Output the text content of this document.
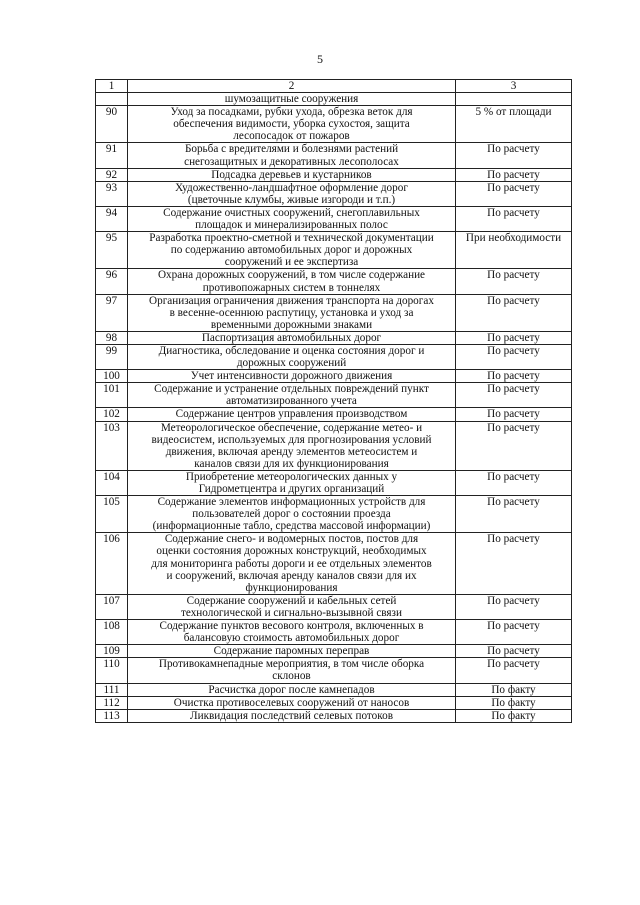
5
1	2	3
	шумозащитные сооружения	
90	Уход за посадками, рубки ухода, обрезка веток для
обеспечения видимости, уборка сухостоя, защита
лесопосадок от пожаров	5 % от площади
91	Борьба с вредителями и болезнями растений
снегозащитных и декоративных лесополосах	По расчету
92	Подсадка деревьев и кустарников	По расчету
93	Художественно-ландшафтное оформление дорог
(цветочные клумбы, живые изгороди и т.п.)	По расчету
94	Содержание очистных сооружений, снегоплавильных
площадок и минерализированных полос	По расчету
95	Разработка проектно-сметной и технической документации
по содержанию автомобильных дорог и дорожных
сооружений и ее экспертиза	При необходимости
96	Охрана дорожных сооружений, в том числе содержание
противопожарных систем в тоннелях	По расчету
97	Организация ограничения движения транспорта на дорогах
в весенне-осеннюю распутицу, установка и уход за
временными дорожными знаками	По расчету
98	Паспортизация автомобильных дорог	По расчету
99	Диагностика, обследование и оценка состояния дорог и
дорожных сооружений	По расчету
100	Учет интенсивности дорожного движения	По расчету
101	Содержание и устранение отдельных повреждений пункт
автоматизированного учета	По расчету
102	Содержание центров управления производством	По расчету
103	Метеорологическое обеспечение, содержание метео- и
видеосистем, используемых для прогнозирования условий
движения, включая аренду элементов метеосистем и
каналов связи для их функционирования	По расчету
104	Приобретение метеорологических данных у
Гидрометцентра и других организаций	По расчету
105	Содержание элементов информационных устройств для
пользователей дорог о состоянии проезда
(информационные табло, средства массовой информации)	По расчету
106	Содержание снего- и водомерных постов, постов для
оценки состояния дорожных конструкций, необходимых
для мониторинга работы дороги и ее отдельных элементов
и сооружений, включая аренду каналов связи для их
функционирования	По расчету
107	Содержание сооружений и кабельных сетей
технологической и сигнально-вызывной связи	По расчету
108	Содержание пунктов весового контроля, включенных в
балансовую стоимость автомобильных дорог	По расчету
109	Содержание паромных переправ	По расчету
110	Противокамнепадные мероприятия, в том числе оборка
склонов	По расчету
111	Расчистка дорог после камнепадов	По факту
112	Очистка противоселевых сооружений от наносов	По факту
113	Ликвидация последствий селевых потоков	По факту
